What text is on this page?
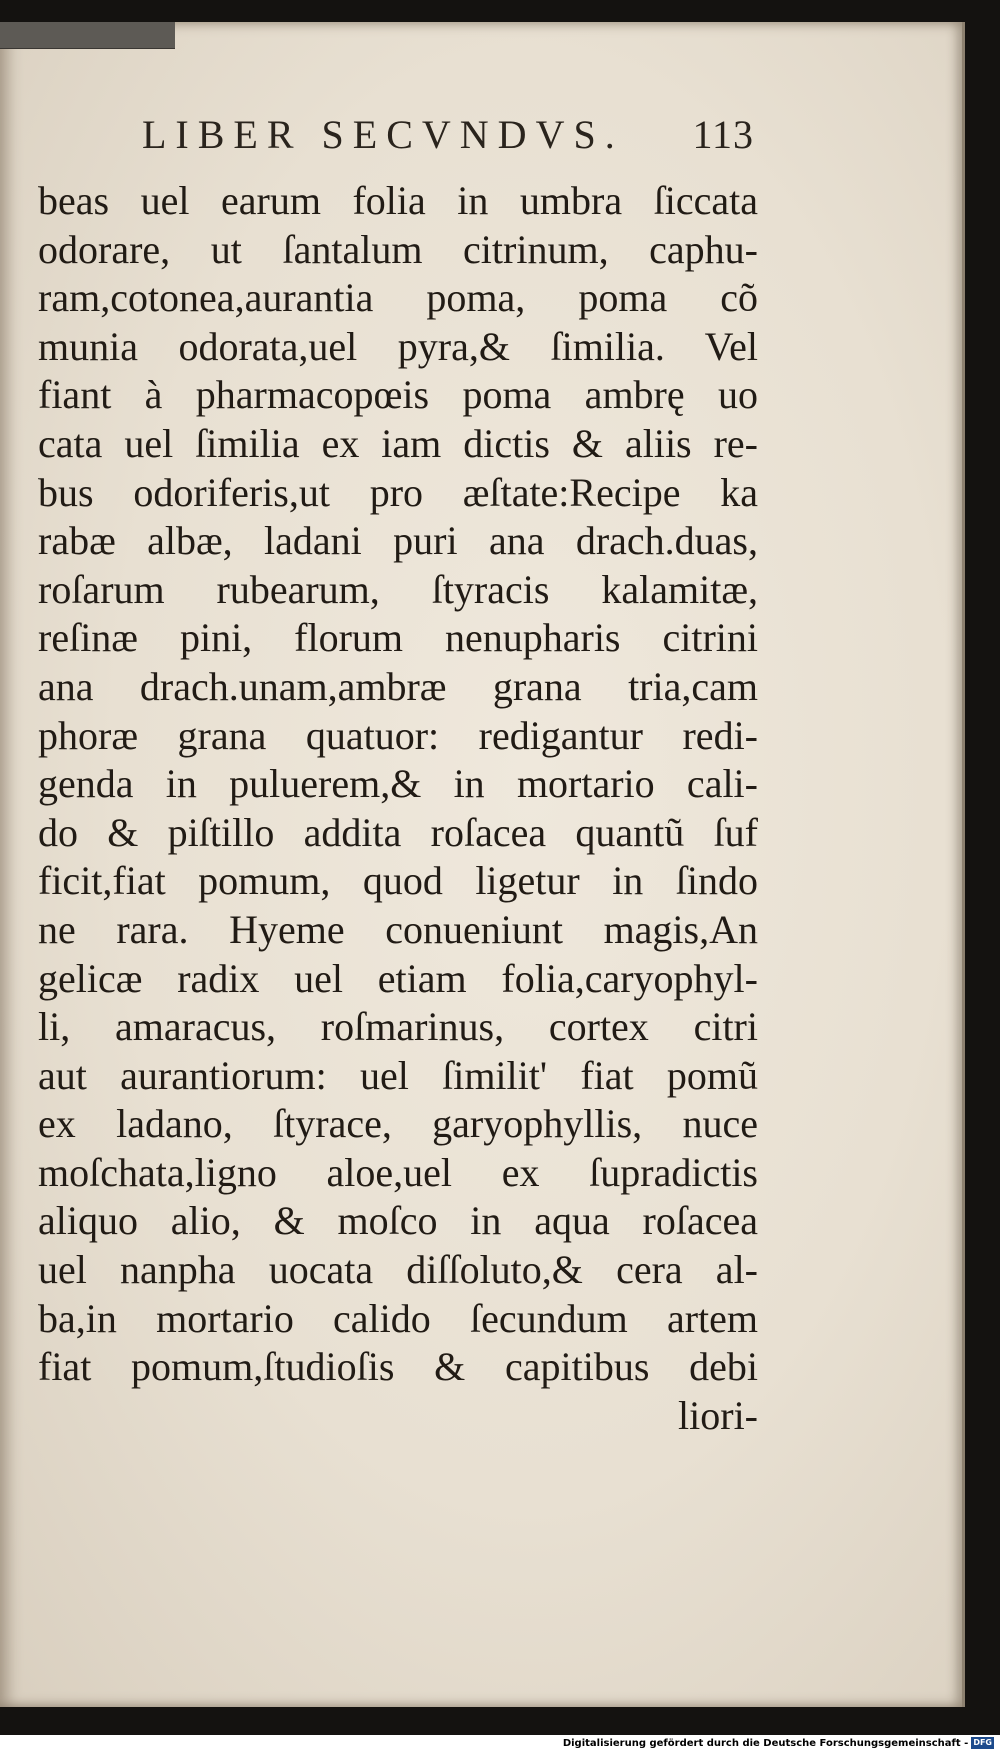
LIBER SECVNDVS. 113
beas uel earum folia in umbra ſiccata
odorare, ut ſantalum citrinum, caphu-
ram,cotonea,aurantia poma, poma cõ
munia odorata,uel pyra,& ſimilia. Vel
fiant à pharmacopœis poma ambrę uo
cata uel ſimilia ex iam dictis & aliis re-
bus odoriferis,ut pro æſtate:Recipe ka
rabæ albæ, ladani puri ana drach.duas,
roſarum rubearum, ſtyracis kalamitæ,
reſinæ pini, florum nenupharis citrini
ana drach.unam,ambræ grana tria,cam
phoræ grana quatuor: redigantur redi-
genda in puluerem,& in mortario cali-
do & piſtillo addita roſacea quantũ ſuf
ficit,fiat pomum, quod ligetur in ſindo
ne rara. Hyeme conueniunt magis,An
gelicæ radix uel etiam folia,caryophyl-
li, amaracus, roſmarinus, cortex citri
aut aurantiorum: uel ſimilit' fiat pomũ
ex ladano, ſtyrace, garyophyllis, nuce
moſchata,ligno aloe,uel ex ſupradictis
aliquo alio, & moſco in aqua roſacea
uel nanpha uocata diſſoluto,& cera al-
ba,in mortario calido ſecundum artem
fiat pomum,ſtudioſis & capitibus debi
liori-
Digitalisierung gefördert durch die Deutsche Forschungsgemeinschaft - DFG
